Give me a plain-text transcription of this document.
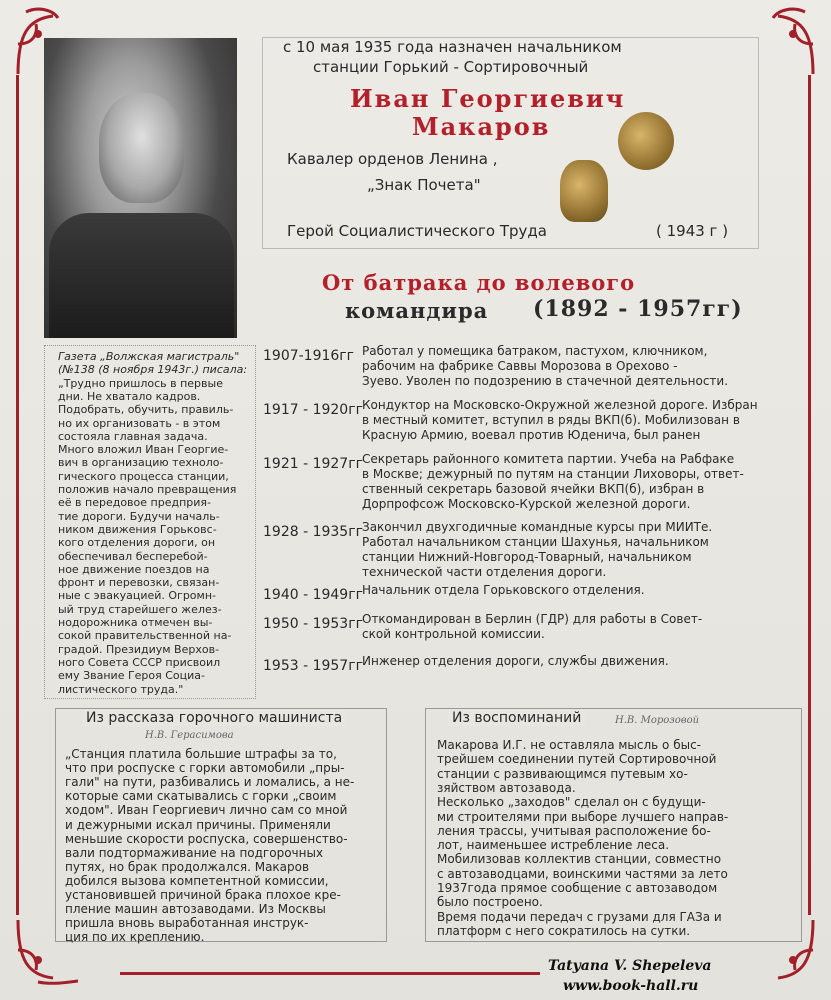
с 10 мая 1935 года назначен начальником
станции Горький - Сортировочный
Иван Георгиевич
Макаров
Кавалер орденов Ленина ,
„Знак Почета"
Герой Социалистического Труда	( 1943 г )
От батрака до волевого
командира (1892 - 1957гг)
Газета „Волжская магистраль"
(№138 (8 ноября 1943г.) писала:
„Трудно пришлось в первые
дни. Не хватало кадров.
Подобрать, обучить, правиль-
но их организовать - в этом
состояла главная задача.
Много вложил Иван Георгие-
вич в организацию техноло-
гического процесса станции,
положив начало превращения
её в передовое предприя-
тие дороги. Будучи началь-
ником движения Горьковс-
кого отделения дороги, он
обеспечивал бесперебой-
ное движение поездов на
фронт и перевозки, связан-
ные с эвакуацией. Огромн-
ый труд старейшего желез-
нодорожника отмечен вы-
сокой правительственной на-
градой. Президиум Верхов-
ного Совета СССР присвоил
ему Звание Героя Социа-
листического труда."
1907-1916гг Работал у помещика батраком, пастухом, ключником,
рабочим на фабрике Саввы Морозова в Орехово -
Зуево. Уволен по подозрению в стачечной деятельности.
1917 - 1920гг Кондуктор на Московско-Окружной железной дороге. Избран
в местный комитет, вступил в ряды ВКП(б). Мобилизован в
Красную Армию, воевал против Юденича, был ранен
1921 - 1927гг Секретарь районного комитета партии. Учеба на Рабфаке
в Москве; дежурный по путям на станции Лиховоры, ответ-
ственный секретарь базовой ячейки ВКП(б), избран в
Дорпрофсож Московско-Курской железной дороги.
1928 - 1935гг Закончил двухгодичные командные курсы при МИИТе.
Работал начальником станции Шахунья, начальником
станции Нижний-Новгород-Товарный, начальником
технической части отделения дороги.
1940 - 1949гг Начальник отдела Горьковского отделения.
1950 - 1953гг Откомандирован в Берлин (ГДР) для работы в Совет-
ской контрольной комиссии.
1953 - 1957гг Инженер отделения дороги, службы движения.
Из рассказа горочного машиниста
Н.В. Герасимова
„Станция платила большие штрафы за то,
что при роспуске с горки автомобили „пры-
гали" на пути, разбивались и ломались, а не-
которые сами скатывались с горки „своим
ходом". Иван Георгиевич лично сам со мной
и дежурными искал причины. Применяли
меньшие скорости роспуска, совершенство-
вали подтормаживание на подгорочных
путях, но брак продолжался. Макаров
добился вызова компетентной комиссии,
установившей причиной брака плохое кре-
пление машин автозаводами. Из Москвы
пришла вновь выработанная инструк-
ция по их креплению.
Из воспоминаний	Н.В. Морозовой
Макарова И.Г. не оставляла мысль о быс-
трейшем соединении путей Сортировочной
станции с развивающимся путевым хо-
зяйством автозавода.
Несколько „заходов" сделал он с будущи-
ми строителями при выборе лучшего направ-
ления трассы, учитывая расположение бо-
лот, наименьшее истребление леса.
Мобилизовав коллектив станции, совместно
с автозаводцами, воинскими частями за лето
1937года прямое сообщение с автозаводом
было построено.
Время подачи передач с грузами для ГАЗа и
платформ с него сократилось на сутки.
Tatyana V. Shepeleva
www.book-hall.ru
